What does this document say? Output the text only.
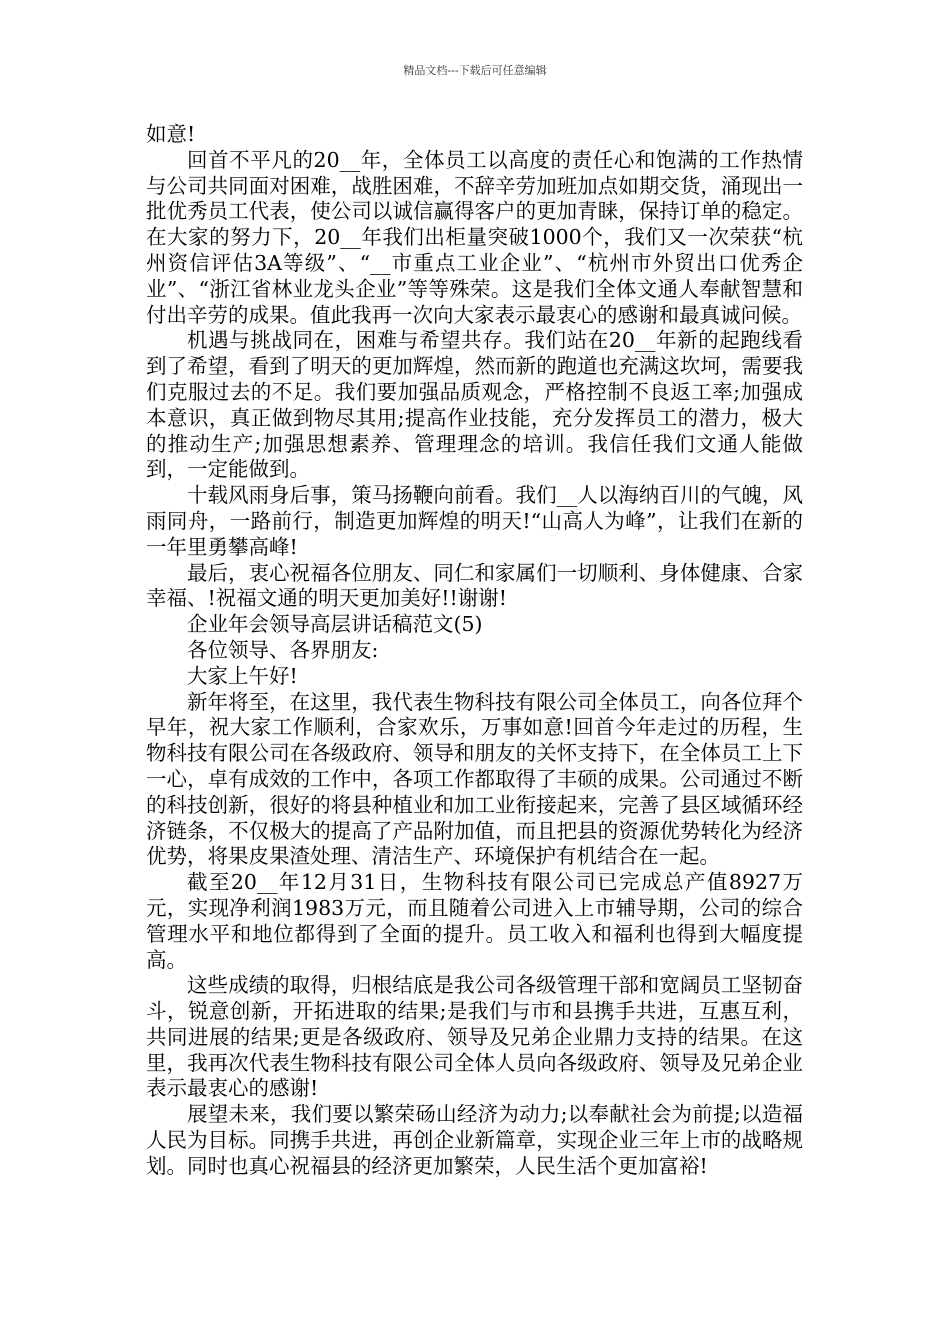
精品文档---下载后可任意编辑

如意!

回首不平凡的20__年，全体员工以高度的责任心和饱满的工作热情与公司共同面对困难，战胜困难，不辞辛劳加班加点如期交货，涌现出一批优秀员工代表，使公司以诚信赢得客户的更加青睐，保持订单的稳定。在大家的努力下，20__年我们出柜量突破1000个，我们又一次荣获“杭州资信评估3A等级”、“__市重点工业企业”、“杭州市外贸出口优秀企业”、“浙江省林业龙头企业”等等殊荣。这是我们全体文通人奉献智慧和付出辛劳的成果。值此我再一次向大家表示最衷心的感谢和最真诚问候。

机遇与挑战同在，困难与希望共存。我们站在20__年新的起跑线看到了希望，看到了明天的更加辉煌，然而新的跑道也充满这坎坷，需要我们克服过去的不足。我们要加强品质观念，严格控制不良返工率;加强成本意识，真正做到物尽其用;提高作业技能，充分发挥员工的潜力，极大的推动生产;加强思想素养、管理理念的培训。我信任我们文通人能做到，一定能做到。

十载风雨身后事，策马扬鞭向前看。我们__人以海纳百川的气魄，风雨同舟，一路前行，制造更加辉煌的明天!“山高人为峰”，让我们在新的一年里勇攀高峰!

最后，衷心祝福各位朋友、同仁和家属们一切顺利、身体健康、合家幸福、!祝福文通的明天更加美好!!谢谢!

企业年会领导高层讲话稿范文(5)

各位领导、各界朋友:

大家上午好!

新年将至，在这里，我代表生物科技有限公司全体员工，向各位拜个早年，祝大家工作顺利，合家欢乐，万事如意!回首今年走过的历程，生物科技有限公司在各级政府、领导和朋友的关怀支持下，在全体员工上下一心，卓有成效的工作中，各项工作都取得了丰硕的成果。公司通过不断的科技创新，很好的将县种植业和加工业衔接起来，完善了县区域循环经济链条，不仅极大的提高了产品附加值，而且把县的资源优势转化为经济优势，将果皮果渣处理、清洁生产、环境保护有机结合在一起。

截至20__年12月31日，生物科技有限公司已完成总产值8927万元，实现净利润1983万元，而且随着公司进入上市辅导期，公司的综合管理水平和地位都得到了全面的提升。员工收入和福利也得到大幅度提高。

这些成绩的取得，归根结底是我公司各级管理干部和宽阔员工坚韧奋斗，锐意创新，开拓进取的结果;是我们与市和县携手共进，互惠互利，共同进展的结果;更是各级政府、领导及兄弟企业鼎力支持的结果。在这里，我再次代表生物科技有限公司全体人员向各级政府、领导及兄弟企业表示最衷心的感谢!

展望未来，我们要以繁荣砀山经济为动力;以奉献社会为前提;以造福人民为目标。同携手共进，再创企业新篇章，实现企业三年上市的战略规划。同时也真心祝福县的经济更加繁荣，人民生活个更加富裕!
